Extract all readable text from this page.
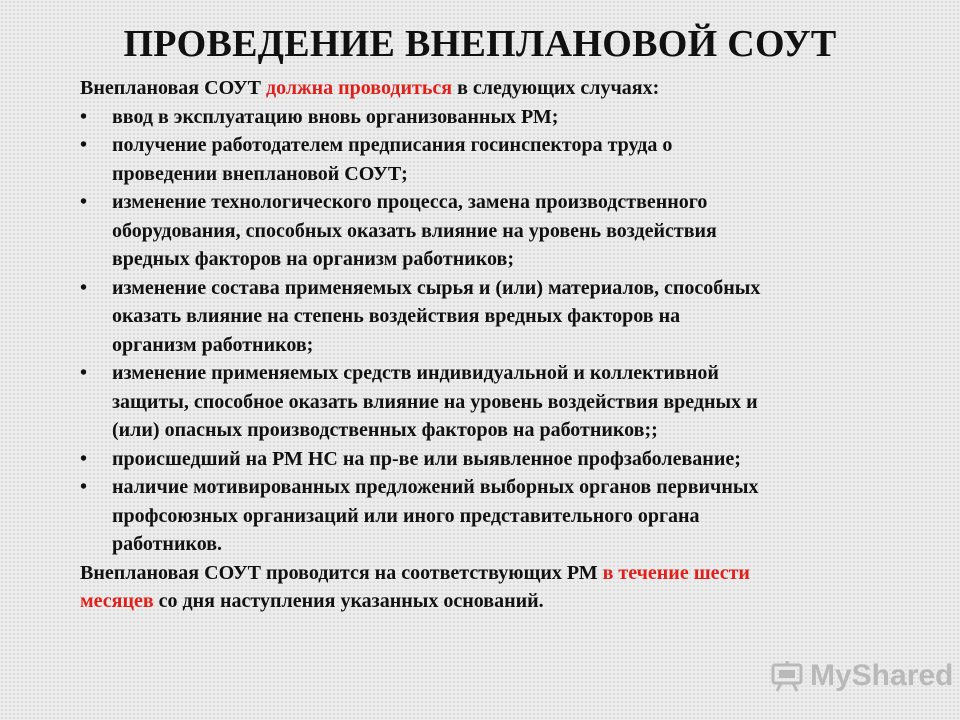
ПРОВЕДЕНИЕ ВНЕПЛАНОВОЙ СОУТ

Внеплановая СОУТ должна проводиться в следующих случаях:

•	ввод в эксплуатацию вновь организованных РМ;
•	получение работодателем предписания госинспектора труда о
проведении внеплановой СОУТ;
•	изменение технологического процесса, замена производственного
оборудования, способных оказать влияние на уровень воздействия
вредных факторов на организм работников;
•	изменение состава применяемых сырья и (или) материалов, способных
оказать влияние на степень воздействия вредных факторов на
организм работников;
•	изменение применяемых средств индивидуальной и коллективной
защиты, способное оказать влияние на уровень воздействия вредных и
(или) опасных производственных факторов на работников;;
•	происшедший на РМ НС на пр-ве или выявленное профзаболевание;
•	наличие мотивированных предложений выборных органов первичных
профсоюзных организаций или иного представительного органа
работников.

Внеплановая СОУТ проводится на соответствующих РМ в течение шести

месяцев со дня наступления указанных оснований.

MyShared
